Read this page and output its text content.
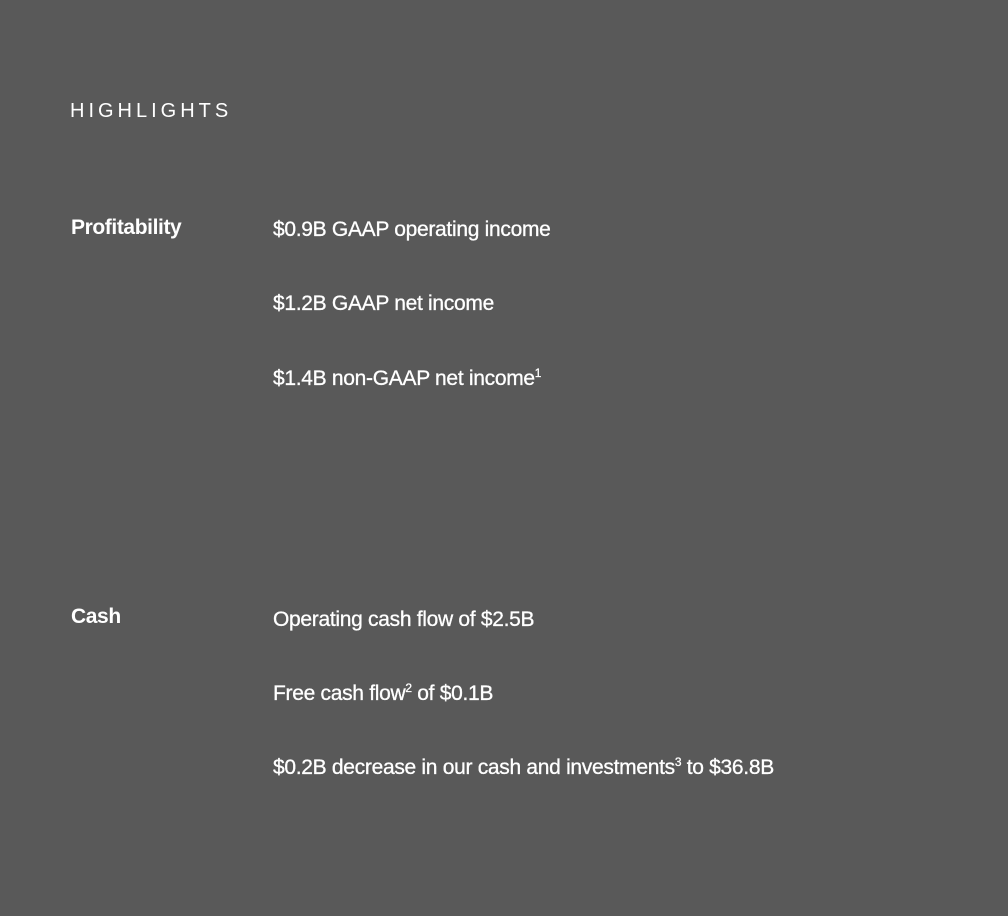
HIGHLIGHTS
Profitability	$0.9B GAAP operating income
$1.2B GAAP net income
$1.4B non-GAAP net income$^1$
Cash	Operating cash flow of $2.5B
Free cash flow$^2$ of $0.1B
$0.2B decrease in our cash and investments$^3$ to $36.8B
